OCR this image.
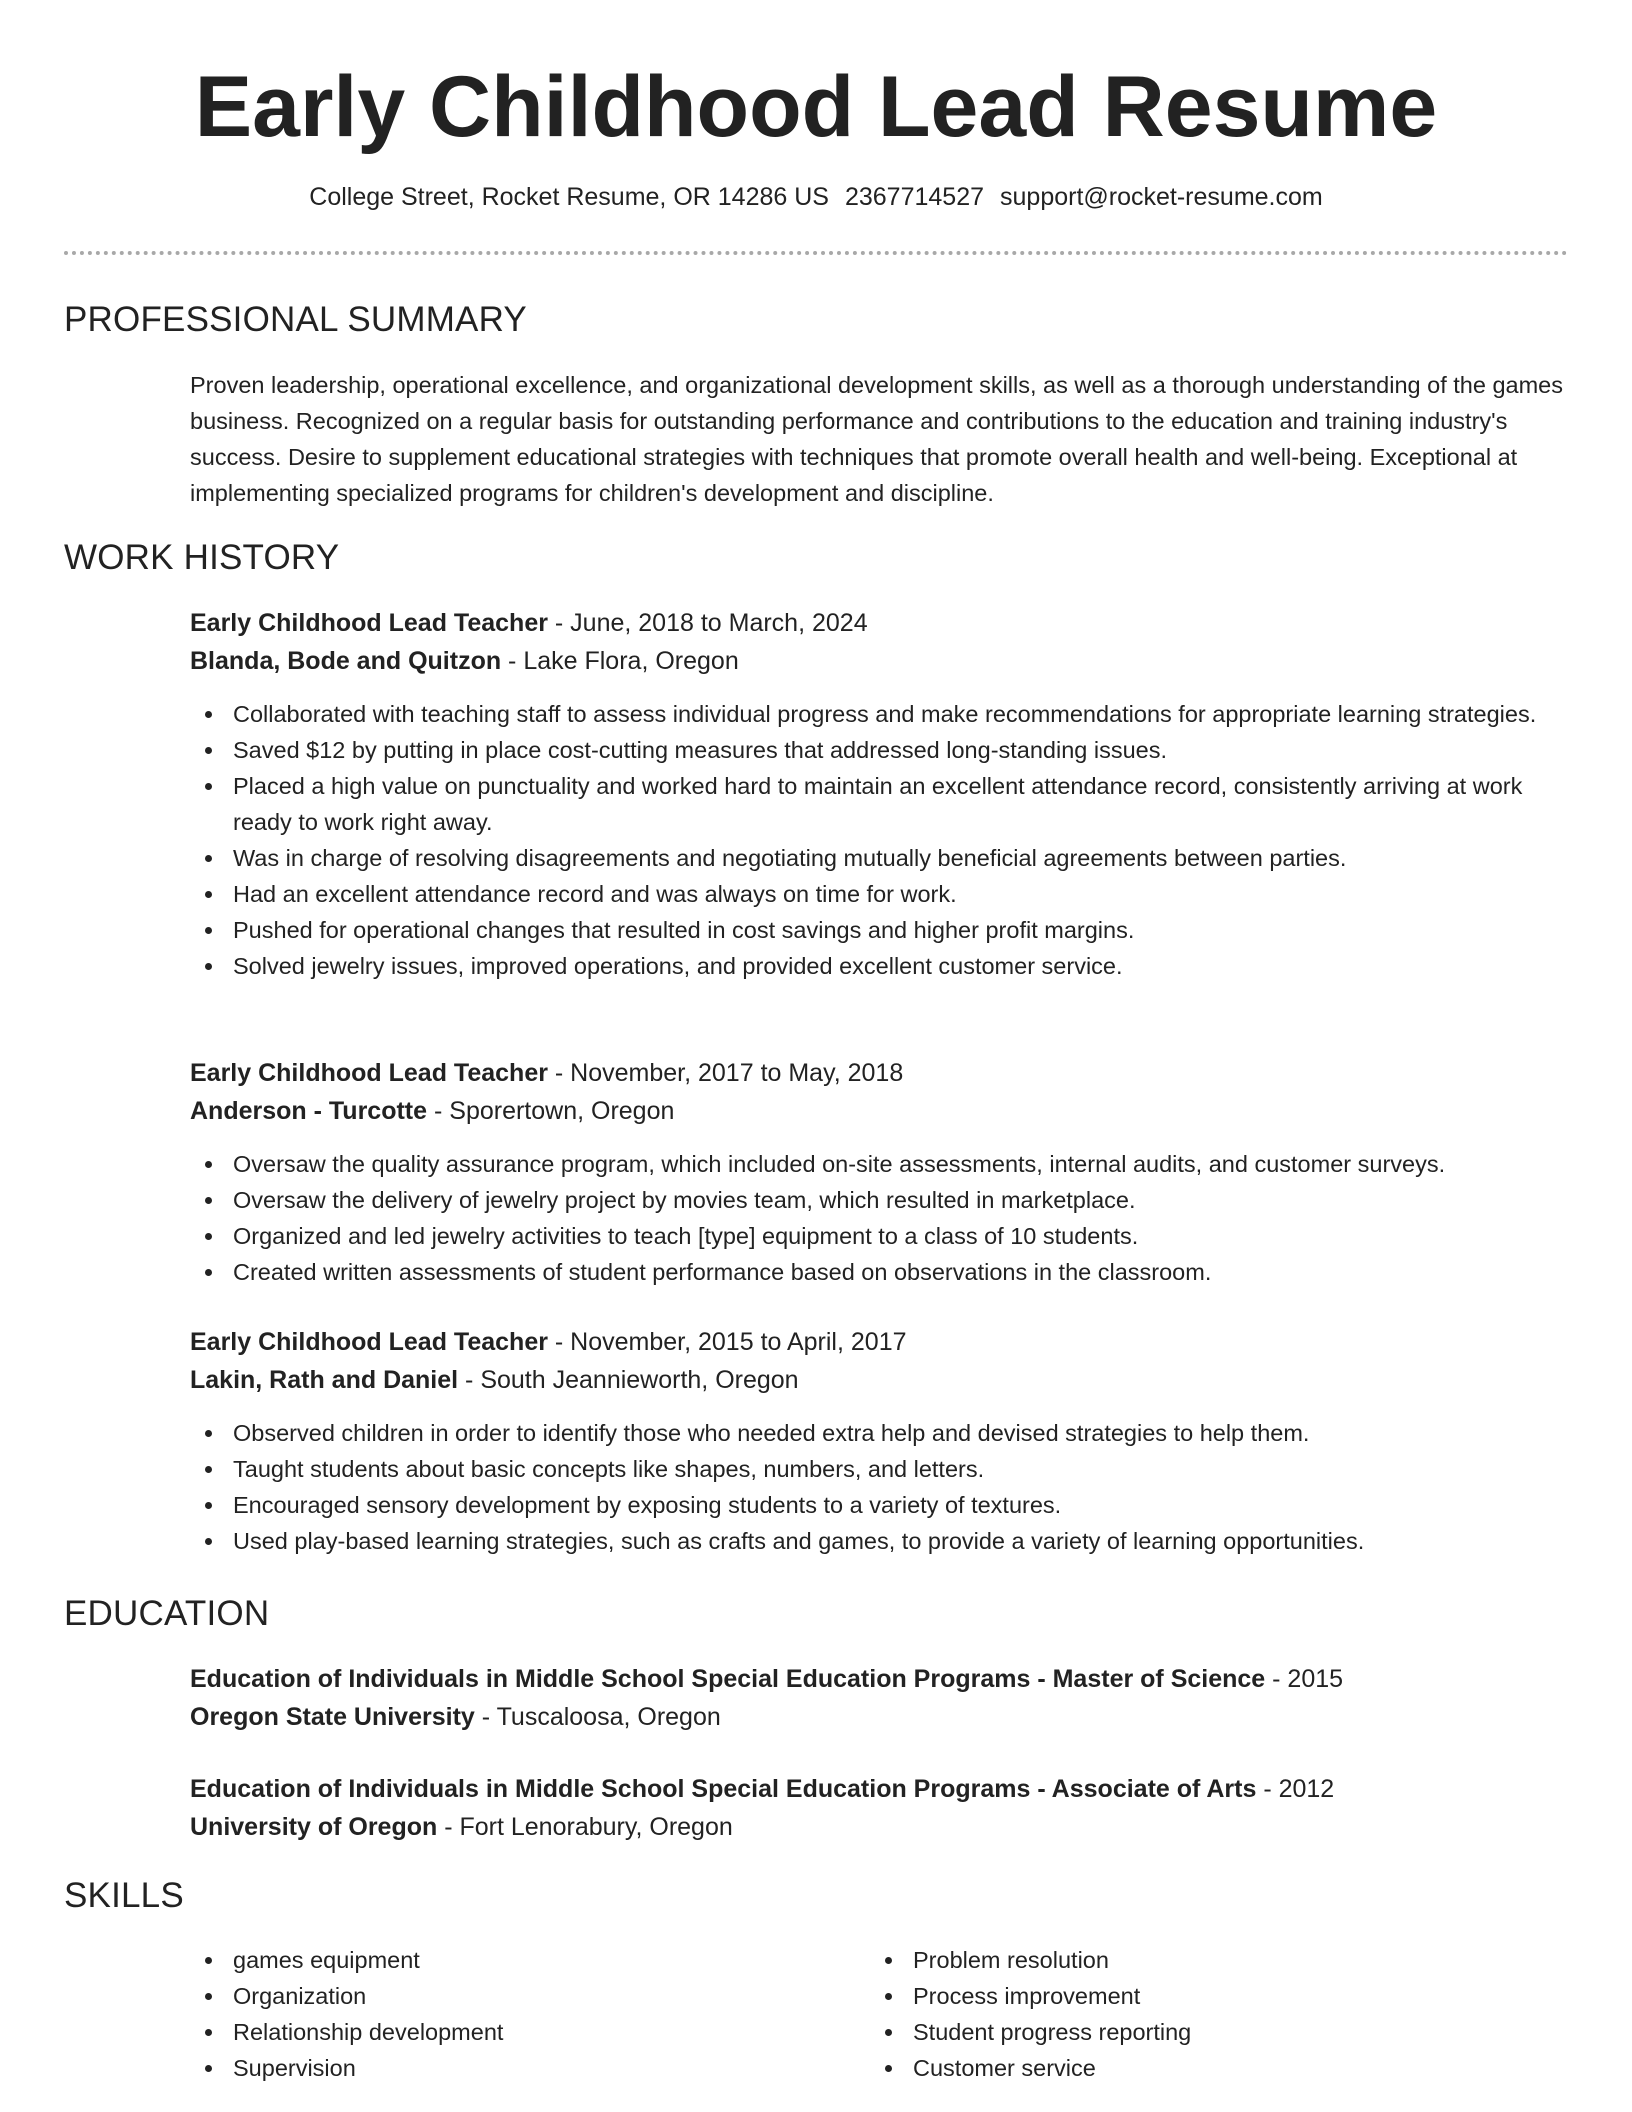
Early Childhood Lead Resume
College Street, Rocket Resume, OR 14286 US 2367714527 support@rocket-resume.com
PROFESSIONAL SUMMARY
Proven leadership, operational excellence, and organizational development skills, as well as a thorough understanding of the games business. Recognized on a regular basis for outstanding performance and contributions to the education and training industry's success. Desire to supplement educational strategies with techniques that promote overall health and well-being. Exceptional at implementing specialized programs for children's development and discipline.
WORK HISTORY
Early Childhood Lead Teacher - June, 2018 to March, 2024
Blanda, Bode and Quitzon - Lake Flora, Oregon
Collaborated with teaching staff to assess individual progress and make recommendations for appropriate learning strategies.
Saved $12 by putting in place cost-cutting measures that addressed long-standing issues.
Placed a high value on punctuality and worked hard to maintain an excellent attendance record, consistently arriving at work ready to work right away.
Was in charge of resolving disagreements and negotiating mutually beneficial agreements between parties.
Had an excellent attendance record and was always on time for work.
Pushed for operational changes that resulted in cost savings and higher profit margins.
Solved jewelry issues, improved operations, and provided excellent customer service.
Early Childhood Lead Teacher - November, 2017 to May, 2018
Anderson - Turcotte - Sporertown, Oregon
Oversaw the quality assurance program, which included on-site assessments, internal audits, and customer surveys.
Oversaw the delivery of jewelry project by movies team, which resulted in marketplace.
Organized and led jewelry activities to teach [type] equipment to a class of 10 students.
Created written assessments of student performance based on observations in the classroom.
Early Childhood Lead Teacher - November, 2015 to April, 2017
Lakin, Rath and Daniel - South Jeannieworth, Oregon
Observed children in order to identify those who needed extra help and devised strategies to help them.
Taught students about basic concepts like shapes, numbers, and letters.
Encouraged sensory development by exposing students to a variety of textures.
Used play-based learning strategies, such as crafts and games, to provide a variety of learning opportunities.
EDUCATION
Education of Individuals in Middle School Special Education Programs - Master of Science - 2015
Oregon State University - Tuscaloosa, Oregon
Education of Individuals in Middle School Special Education Programs - Associate of Arts - 2012
University of Oregon - Fort Lenorabury, Oregon
SKILLS
games equipment
Organization
Relationship development
Supervision
Problem resolution
Process improvement
Student progress reporting
Customer service
